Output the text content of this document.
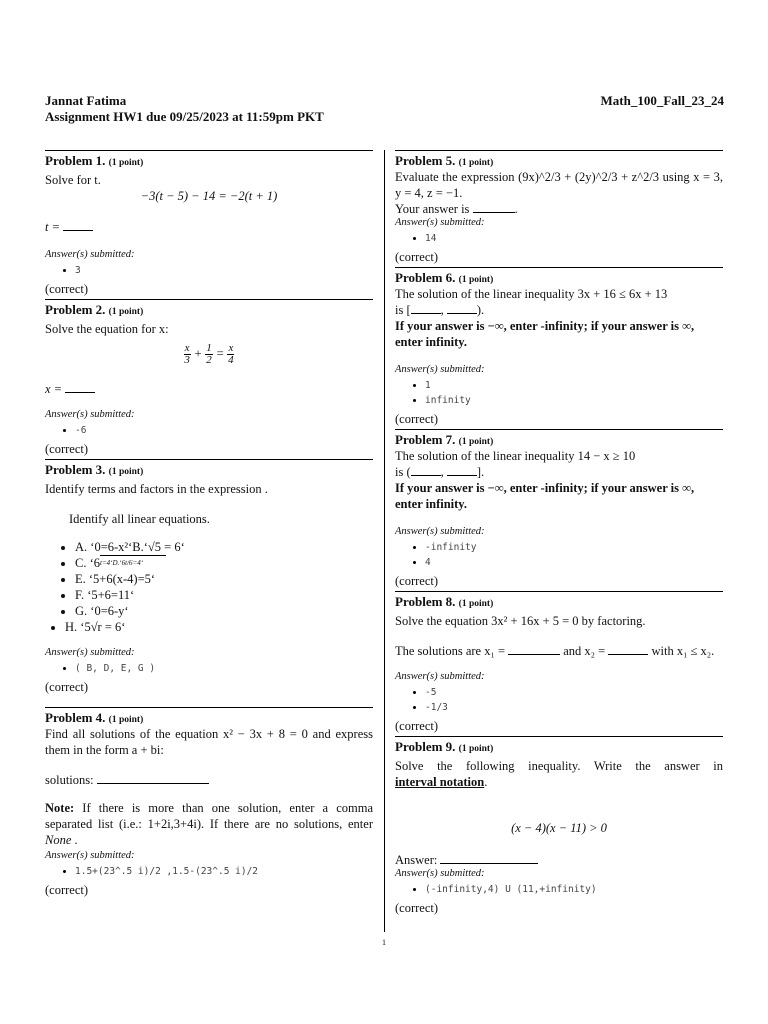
Jannat Fatima
Assignment HW1 due 09/25/2023 at 11:59pm PKT
Math_100_Fall_23_24
Problem 1. (1 point)
Solve for t.
−3(t − 5) − 14 = −2(t + 1)
t =
Answer(s) submitted:
• 3
(correct)
Problem 2. (1 point)
Solve the equation for x:
$\frac{x}{3} + \frac{1}{2} = \frac{x}{4}$
x =
Answer(s) submitted:
• -6
(correct)
Problem 3. (1 point)
Identify terms and factors in the expression .
Identify all linear equations.
• A. ‘0=6-x²‘B.‘√5 = 6‘
• C. ‘6 t=4‘D.‘6t/6=4‘
• E. ‘5+6(x-4)=5‘
• F. ‘5+6=11‘
• G. ‘0=6-y‘
• H. ‘5√r = 6‘
Answer(s) submitted:
• ( B, D, E, G )
(correct)
Problem 4. (1 point)
Find all solutions of the equation x² − 3x + 8 = 0 and express them in the form a + bi:
solutions:
Note: If there is more than one solution, enter a comma separated list (i.e.: 1+2i,3+4i). If there are no solutions, enter None .
Answer(s) submitted:
• 1.5+(23^.5 i)/2 ,1.5-(23^.5 i)/2
(correct)
Problem 5. (1 point)
Evaluate the expression (9x)^2/3 + (2y)^2/3 + z^2/3 using x = 3, y = 4, z = −1.
Your answer is	.
Answer(s) submitted:
• 14
(correct)
Problem 6. (1 point)
The solution of the linear inequality 3x + 16 ≤ 6x + 13
is [ , ).
If your answer is −∞, enter -infinity; if your answer is ∞, enter infinity.
Answer(s) submitted:
• 1
• infinity
(correct)
Problem 7. (1 point)
The solution of the linear inequality 14 − x ≥ 10
is ( , ].
If your answer is −∞, enter -infinity; if your answer is ∞, enter infinity.
Answer(s) submitted:
• -infinity
• 4
(correct)
Problem 8. (1 point)
Solve the equation 3x² + 16x + 5 = 0 by factoring.
The solutions are x₁ =	and x₂ =	with x₁ ≤ x₂.
Answer(s) submitted:
• -5
• -1/3
(correct)
Problem 9. (1 point)
Solve the following inequality. Write the answer in
interval notation.
(x − 4)(x − 11) > 0
Answer:
Answer(s) submitted:
• (-infinity,4) U (11,+infinity)
(correct)
1
